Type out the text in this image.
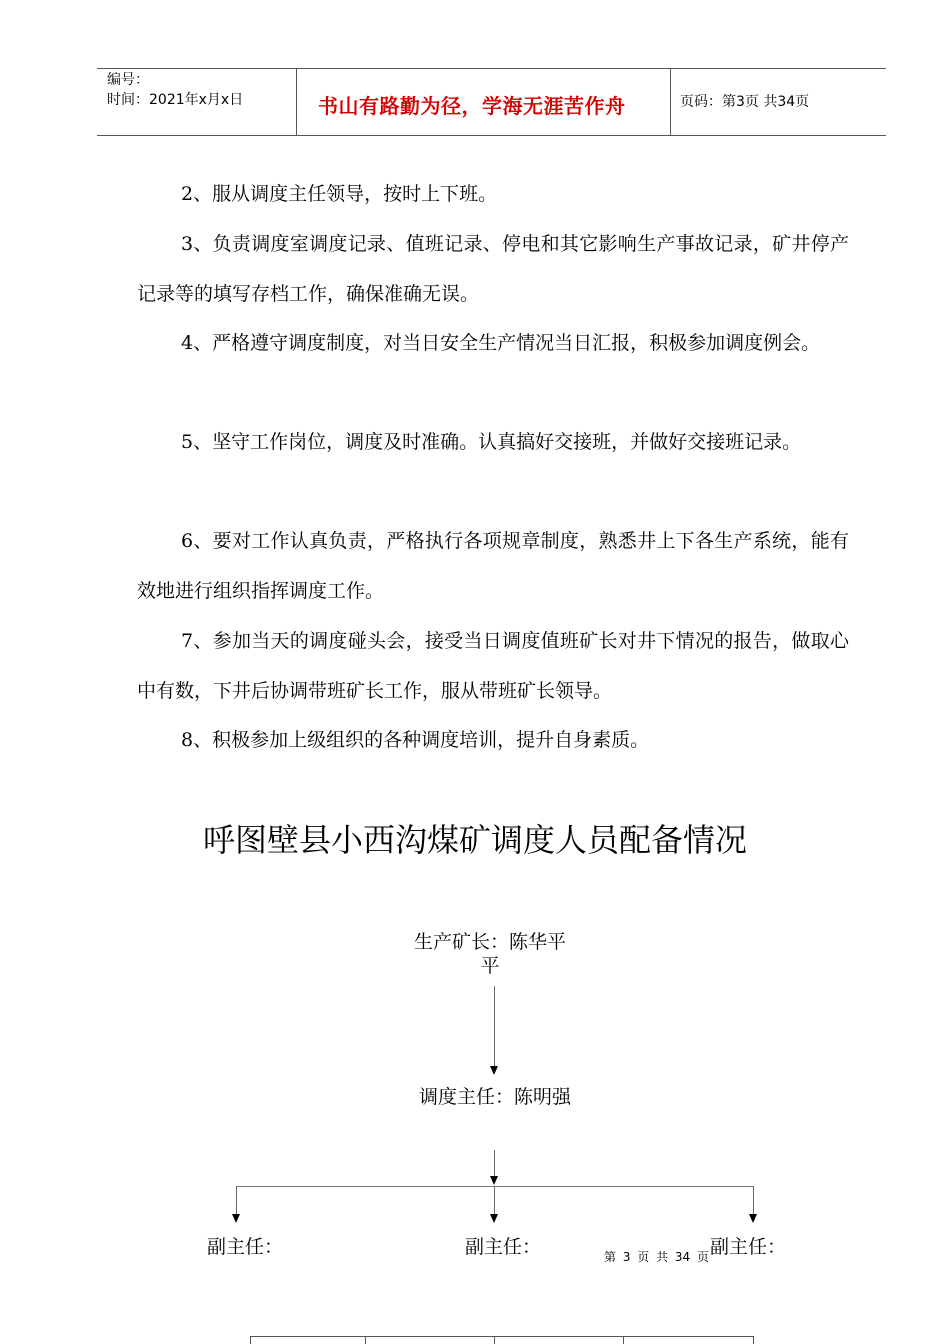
编号：
时间：2021年x月x日	书山有路勤为径，学海无涯苦作舟	页码：第3页 共34页
2、服从调度主任领导，按时上下班。
3、负责调度室调度记录、值班记录、停电和其它影响生产事故记录，矿井停产记录等的填写存档工作，确保准确无误。
4、严格遵守调度制度，对当日安全生产情况当日汇报，积极参加调度例会。
5、坚守工作岗位，调度及时准确。认真搞好交接班，并做好交接班记录。
6、要对工作认真负责，严格执行各项规章制度，熟悉井上下各生产系统，能有效地进行组织指挥调度工作。
7、参加当天的调度碰头会，接受当日调度值班矿长对井下情况的报告，做取心中有数，下井后协调带班矿长工作，服从带班矿长领导。
8、积极参加上级组织的各种调度培训，提升自身素质。
呼图壁县小西沟煤矿调度人员配备情况
生产矿长：陈华平
平
调度主任：陈明强
副主任：	副主任：	副主任：
第 3 页 共 34 页
